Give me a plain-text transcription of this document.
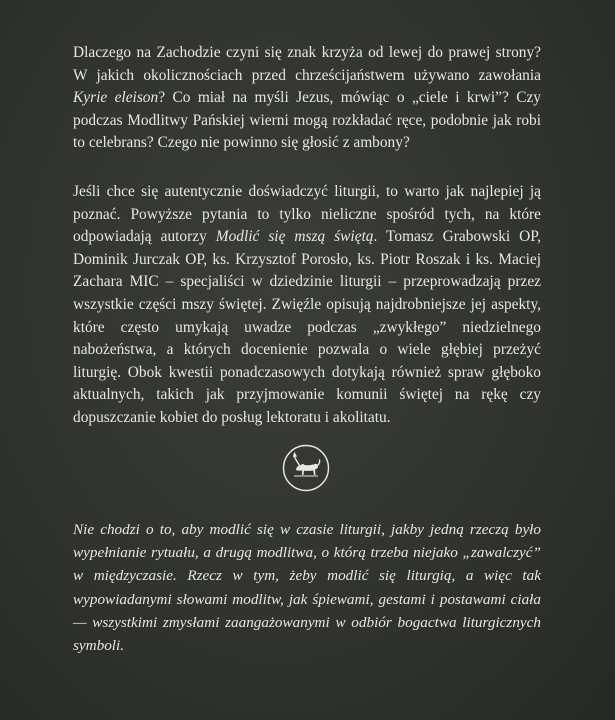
Dlaczego na Zachodzie czyni się znak krzyża od lewej do prawej strony? W jakich okolicznościach przed chrześcijaństwem używano zawołania Kyrie eleison? Co miał na myśli Jezus, mówiąc o „ciele i krwi”? Czy podczas Modlitwy Pańskiej wierni mogą rozkładać ręce, podobnie jak robi to celebrans? Czego nie powinno się głosić z ambony?

Jeśli chce się autentycznie doświadczyć liturgii, to warto jak najlepiej ją poznać. Powyższe pytania to tylko nieliczne spośród tych, na które odpowiadają autorzy Modlić się mszą świętą. Tomasz Grabowski OP, Dominik Jurczak OP, ks. Krzysztof Porosło, ks. Piotr Roszak i ks. Maciej Zachara MIC – specjaliści w dziedzinie liturgii – przeprowadzają przez wszystkie części mszy świętej. Zwięźle opisują najdrobniejsze jej aspekty, które często umykają uwadze podczas „zwykłego” niedzielnego nabożeństwa, a których docenienie pozwala o wiele głębiej przeżyć liturgię. Obok kwestii ponadczasowych dotykają również spraw głęboko aktualnych, takich jak przyjmowanie komunii świętej na rękę czy dopuszczanie kobiet do posług lektoratu i akolitatu.

Nie chodzi o to, aby modlić się w czasie liturgii, jakby jedną rzeczą było wypełnianie rytuału, a drugą modlitwa, o którą trzeba niejako „zawalczyć” w międzyczasie. Rzecz w tym, żeby modlić się liturgią, a więc tak wypowiadanymi słowami modlitw, jak śpiewami, gestami i postawami ciała — wszystkimi zmysłami zaangażowanymi w odbiór bogactwa liturgicznych symboli.
